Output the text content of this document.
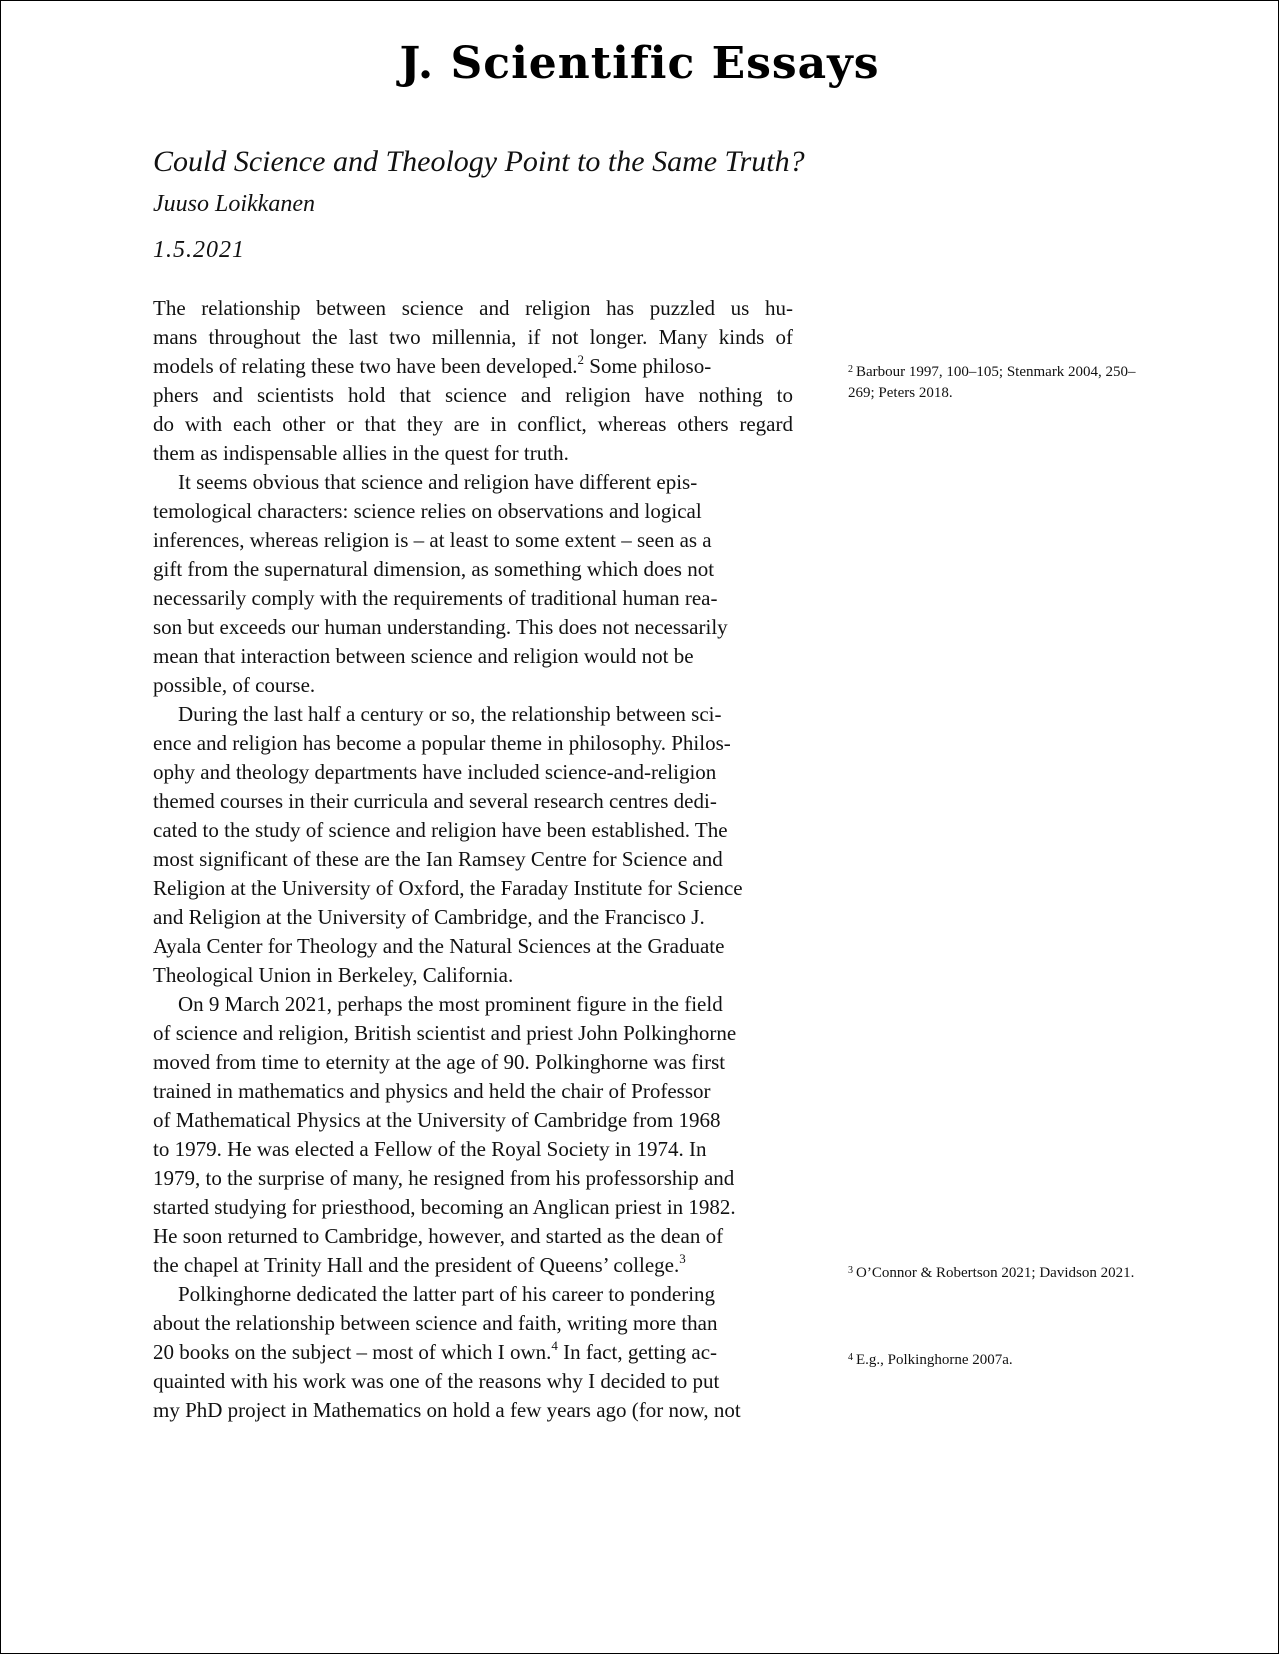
J. Scientific Essays
Could Science and Theology Point to the Same Truth?
Juuso Loikkanen
1.5.2021

The relationship between science and religion has puzzled us hu-
mans throughout the last two millennia, if not longer. Many kinds of
models of relating these two have been developed.$^2$ Some philoso-
phers and scientists hold that science and religion have nothing to
do with each other or that they are in conflict, whereas others regard
them as indispensable allies in the quest for truth.

It seems obvious that science and religion have different epis-
temological characters: science relies on observations and logical
inferences, whereas religion is – at least to some extent – seen as a
gift from the supernatural dimension, as something which does not
necessarily comply with the requirements of traditional human rea-
son but exceeds our human understanding. This does not necessarily
mean that interaction between science and religion would not be
possible, of course.

During the last half a century or so, the relationship between sci-
ence and religion has become a popular theme in philosophy. Philos-
ophy and theology departments have included science-and-religion
themed courses in their curricula and several research centres dedi-
cated to the study of science and religion have been established. The
most significant of these are the Ian Ramsey Centre for Science and
Religion at the University of Oxford, the Faraday Institute for Science
and Religion at the University of Cambridge, and the Francisco J.
Ayala Center for Theology and the Natural Sciences at the Graduate
Theological Union in Berkeley, California.

On 9 March 2021, perhaps the most prominent figure in the field
of science and religion, British scientist and priest John Polkinghorne
moved from time to eternity at the age of 90. Polkinghorne was first
trained in mathematics and physics and held the chair of Professor
of Mathematical Physics at the University of Cambridge from 1968
to 1979. He was elected a Fellow of the Royal Society in 1974. In
1979, to the surprise of many, he resigned from his professorship and
started studying for priesthood, becoming an Anglican priest in 1982.
He soon returned to Cambridge, however, and started as the dean of
the chapel at Trinity Hall and the president of Queens’ college.$^3$

Polkinghorne dedicated the latter part of his career to pondering
about the relationship between science and faith, writing more than
20 books on the subject – most of which I own.$^4$ In fact, getting ac-
quainted with his work was one of the reasons why I decided to put
my PhD project in Mathematics on hold a few years ago (for now, not

$^2$ Barbour 1997, 100–105; Stenmark 2004, 250–269; Peters 2018.
$^3$ O’Connor & Robertson 2021; Davidson 2021.
$^4$ E.g., Polkinghorne 2007a.
